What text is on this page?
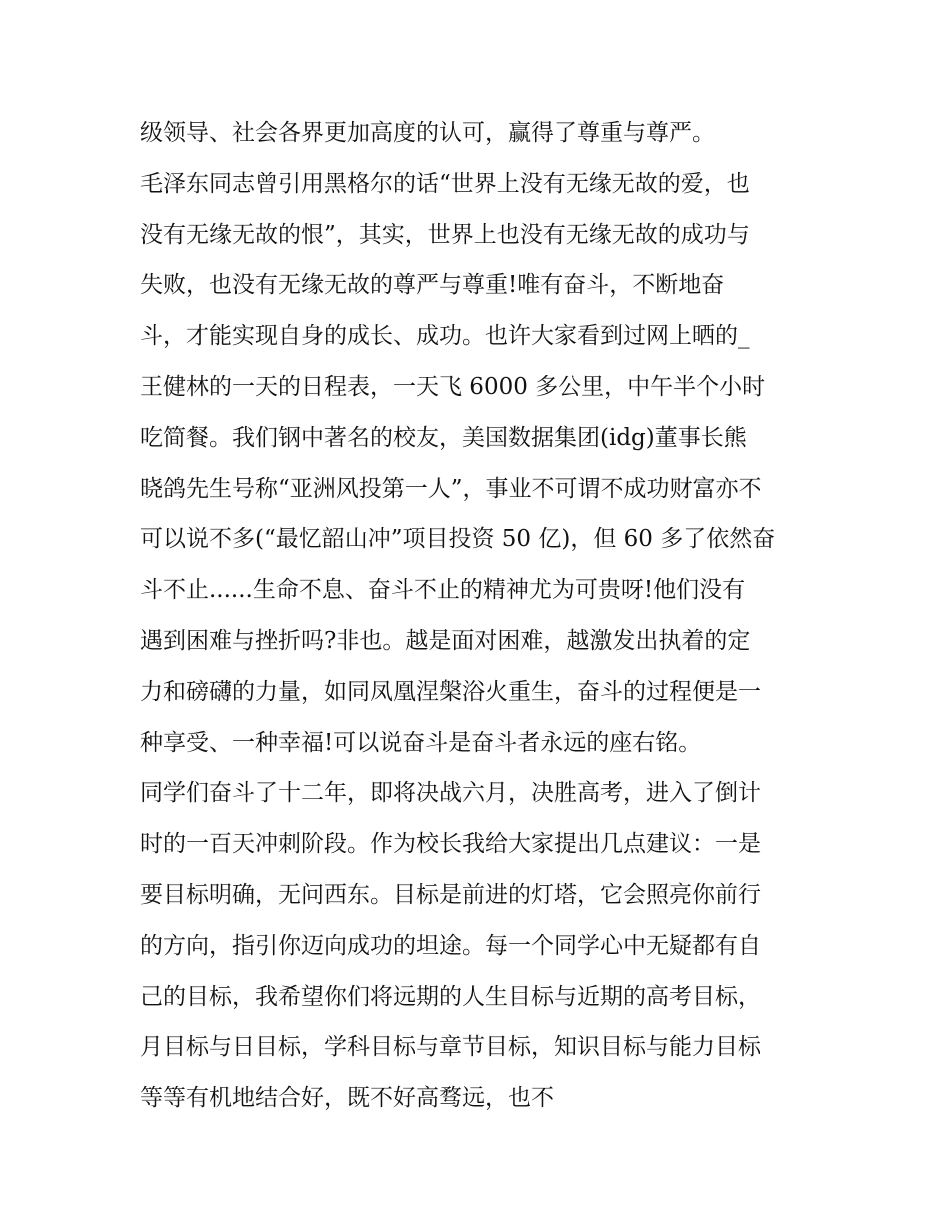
级领导、社会各界更加高度的认可，赢得了尊重与尊严。
毛泽东同志曾引用黑格尔的话“世界上没有无缘无故的爱，也
没有无缘无故的恨”，其实，世界上也没有无缘无故的成功与
失败，也没有无缘无故的尊严与尊重!唯有奋斗，不断地奋
斗，才能实现自身的成长、成功。也许大家看到过网上晒的_
王健林的一天的日程表，一天飞 6000 多公里，中午半个小时
吃简餐。我们钢中著名的校友，美国数据集团(idg)董事长熊
晓鸽先生号称“亚洲风投第一人”，事业不可谓不成功财富亦不
可以说不多(“最忆韶山冲”项目投资 50 亿)，但 60 多了依然奋
斗不止......生命不息、奋斗不止的精神尤为可贵呀!他们没有
遇到困难与挫折吗?非也。越是面对困难，越激发出执着的定
力和磅礴的力量，如同凤凰涅槃浴火重生，奋斗的过程便是一
种享受、一种幸福!可以说奋斗是奋斗者永远的座右铭。
同学们奋斗了十二年，即将决战六月，决胜高考，进入了倒计
时的一百天冲刺阶段。作为校长我给大家提出几点建议：一是
要目标明确，无问西东。目标是前进的灯塔，它会照亮你前行
的方向，指引你迈向成功的坦途。每一个同学心中无疑都有自
己的目标，我希望你们将远期的人生目标与近期的高考目标，
月目标与日目标，学科目标与章节目标，知识目标与能力目标
等等有机地结合好，既不好高骛远，也不
